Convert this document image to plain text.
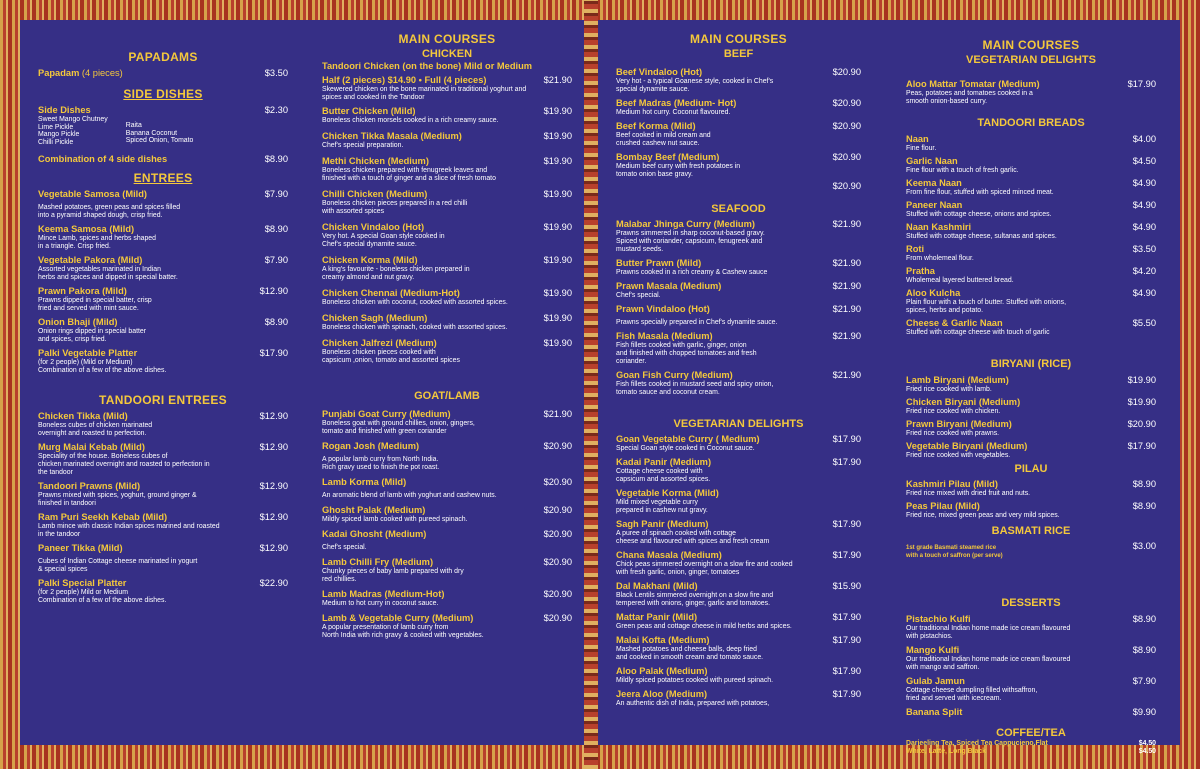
PAPADAMS
Papadam (4 pieces)	$3.50
SIDE DISHES
Side Dishes	$2.30
Sweet Mango Chutney
Lime Pickle
Mango Pickle
Chilli Pickle
Raita
Banana Coconut
Spiced Onion, Tomato
Combination of 4 side dishes	$8.90
ENTREES
Vegetable Samosa (Mild)	$7.90
Mashed potatoes, green peas and spices filled
into a pyramid shaped dough, crisp fried.
Keema Samosa (Mild)	$8.90
Mince Lamb, spices and herbs shaped
in a triangle. Crisp fried.
Vegetable Pakora (Mild)	$7.90
Assorted vegetables marinated in Indian
herbs and spices and dipped in special batter.
Prawn Pakora (Mild)	$12.90
Prawns dipped in special batter, crisp
fried and served with mint sauce.
Onion Bhaji (Mild)	$8.90
Onion rings dipped in special batter
and spices, crisp fried.
Palki Vegetable Platter	$17.90
(for 2 people) (Mild or Medium)
Combination of a few of the above dishes.
TANDOORI ENTREES
Chicken Tikka (Mild)	$12.90
Boneless cubes of chicken marinated
overnight and roasted to perfection.
Murg Malai Kebab (Mild)	$12.90
Speciality of the house. Boneless cubes of
chicken marinated overnight and roasted to perfection in
the tandoor
Tandoori Prawns (Mild)	$12.90
Prawns mixed with spices, yoghurt, ground ginger &
finished in tandoori
Ram Puri Seekh Kebab (Mild)	$12.90
Lamb mince with classic Indian spices marined and roasted
in the tandoor
Paneer Tikka (Mild)	$12.90
Cubes of Indian Cottage cheese marinated in yogurt
& special spices
Palki Special Platter	$22.90
(for 2 people) Mild or Medium
Combination of a few of the above dishes.
MAIN COURSES
CHICKEN
Tandoori Chicken (on the bone) Mild or Medium
Half (2 pieces) $14.90 • Full (4 pieces)	$21.90
Skewered chicken on the bone marinated in traditional yoghurt and
spices and cooked in the Tandoor
Butter Chicken (Mild)	$19.90
Boneless chicken morsels cooked in a rich creamy sauce.
Chicken Tikka Masala (Medium)	$19.90
Chef's special preparation.
Methi Chicken (Medium)	$19.90
Boneless chicken prepared with fenugreek leaves and
finished with a touch of ginger and a slice of fresh tomato
Chilli Chicken (Medium)	$19.90
Boneless chicken pieces prepared in a red chilli
with assorted spices
Chicken Vindaloo (Hot)	$19.90
Very hot. A special Goan style cooked in
Chef's special dynamite sauce.
Chicken Korma (Mild)	$19.90
A king's favourite - boneless chicken prepared in
creamy almond and nut gravy.
Chicken Chennai (Medium-Hot)	$19.90
Boneless chicken with coconut, cooked with assorted spices.
Chicken Sagh (Medium)	$19.90
Boneless chicken with spinach, cooked with assorted spices.
Chicken Jalfrezi (Medium)	$19.90
Boneless chicken pieces cooked with
capsicum ,onion, tomato and assorted spices
GOAT/LAMB
Punjabi Goat Curry (Medium)	$21.90
Boneless goat with ground chillies, onion, gingers,
tomato and finished with green coriander
Rogan Josh (Medium)	$20.90
A popular lamb curry from North India.
Rich gravy used to finish the pot roast.
Lamb Korma (Mild)	$20.90
An aromatic blend of lamb with yoghurt and cashew nuts.
Ghosht Palak (Medium)	$20.90
Mildly spiced lamb cooked with pureed spinach.
Kadai Ghosht (Medium)	$20.90
Chef's special.
Lamb Chilli Fry (Medium)	$20.90
Chunky pieces of baby lamb prepared with dry
red chillies.
Lamb Madras (Medium-Hot)	$20.90
Medium to hot curry in coconut sauce.
Lamb & Vegetable Curry (Medium)	$20.90
A popular presentation of lamb curry from
North India with rich gravy & cooked with vegetables.
MAIN COURSES
BEEF
Beef Vindaloo (Hot)	$20.90
Very hot - a typical Goanese style, cooked in Chef's
special dynamite sauce.
Beef Madras (Medium- Hot)	$20.90
Medium hot curry. Coconut flavoured.
Beef Korma (Mild)	$20.90
Beef cooked in mild cream and
crushed cashew nut sauce.
Bombay Beef (Medium)	$20.90
Medium beef curry with fresh potatoes in
tomato onion base gravy.
$20.90
SEAFOOD
Malabar Jhinga Curry (Medium)	$21.90
Prawns simmered in sharp coconut-based gravy.
Spiced with coriander, capsicum, fenugreek and
mustard seeds.
Butter Prawn (Mild)	$21.90
Prawns cooked in a rich creamy & Cashew sauce
Prawn Masala (Medium)	$21.90
Chef's special.
Prawn Vindaloo (Hot)	$21.90
Prawns specially prepared in Chef's dynamite sauce.
Fish Masala (Medium)	$21.90
Fish fillets cooked with garlic, ginger, onion
and finished with chopped tomatoes and fresh
coriander.
Goan Fish Curry (Medium)	$21.90
Fish fillets cooked in mustard seed and spicy onion,
tomato sauce and coconut cream.
VEGETARIAN DELIGHTS
Goan Vegetable Curry ( Medium)	$17.90
Special Goan style cooked in Coconut sauce.
Kadai Panir (Medium)	$17.90
Cottage cheese cooked with
capsicum and assorted spices.
Vegetable Korma (Mild)
Mild mixed vegetable curry
prepared in cashew nut gravy.
Sagh Panir (Medium)	$17.90
A puree of spinach cooked with cottage
cheese and flavoured with spices and fresh cream
Chana Masala (Medium)	$17.90
Chick peas simmered overnight on a slow fire and cooked
with fresh garlic, onion, ginger, tomatoes
Dal Makhani (Mild)	$15.90
Black Lentils simmered overnight on a slow fire and
tempered with onions, ginger, garlic and tomatoes.
Mattar Panir (Mild)	$17.90
Green peas and cottage cheese in mild herbs and spices.
Malai Kofta (Medium)	$17.90
Mashed potatoes and cheese balls, deep fried
and cooked in smooth cream and tomato sauce.
Aloo Palak (Medium)	$17.90
Mildly spiced potatoes cooked with pureed spinach.
Jeera Aloo (Medium)	$17.90
An authentic dish of India, prepared with potatoes,
MAIN COURSES
VEGETARIAN DELIGHTS
Aloo Mattar Tomatar (Medium)	$17.90
Peas, potatoes and tomatoes cooked in a
smooth onion-based curry.
TANDOORI BREADS
Naan	$4.00
Fine flour.
Garlic Naan	$4.50
Fine flour with a touch of fresh garlic.
Keema Naan	$4.90
From fine flour, stuffed with spiced minced meat.
Paneer Naan	$4.90
Stuffed with cottage cheese, onions and spices.
Naan Kashmiri	$4.90
Stuffed with cottage cheese, sultanas and spices.
Roti	$3.50
From wholemeal flour.
Pratha	$4.20
Wholemeal layered buttered bread.
Aloo Kulcha	$4.90
Plain flour with a touch of butter. Stuffed with onions,
spices, herbs and potato.
Cheese & Garlic Naan	$5.50
Stuffed with cottage cheese with touch of garlic
BIRYANI (RICE)
Lamb Biryani (Medium)	$19.90
Fried rice cooked with lamb.
Chicken Biryani (Medium)	$19.90
Fried rice cooked with chicken.
Prawn Biryani (Medium)	$20.90
Fried rice cooked with prawns.
Vegetable Biryani (Medium)	$17.90
Fried rice cooked with vegetables.
PILAU
Kashmiri Pilau (Mild)	$8.90
Fried rice mixed with dried fruit and nuts.
Peas Pilau (Mild)	$8.90
Fried rice, mixed green peas and very mild spices.
BASMATI RICE
1st grade Basmati steamed rice
with a touch of saffron (per serve)
$3.00
DESSERTS
Pistachio Kulfi	$8.90
Our traditional Indian home made ice cream flavoured
with pistachios.
Mango Kulfi	$8.90
Our traditional Indian home made ice cream flavoured
with mango and saffron.
Gulab Jamun	$7.90
Cottage cheese dumpling filled withsaffron,
fried and served with icecream.
Banana Split	$9.90
COFFEE/TEA
Darjeeling Tea, Spiced Tea Cappucieno,Flat	$4.50
White, Latte, Long Black	$4.50
